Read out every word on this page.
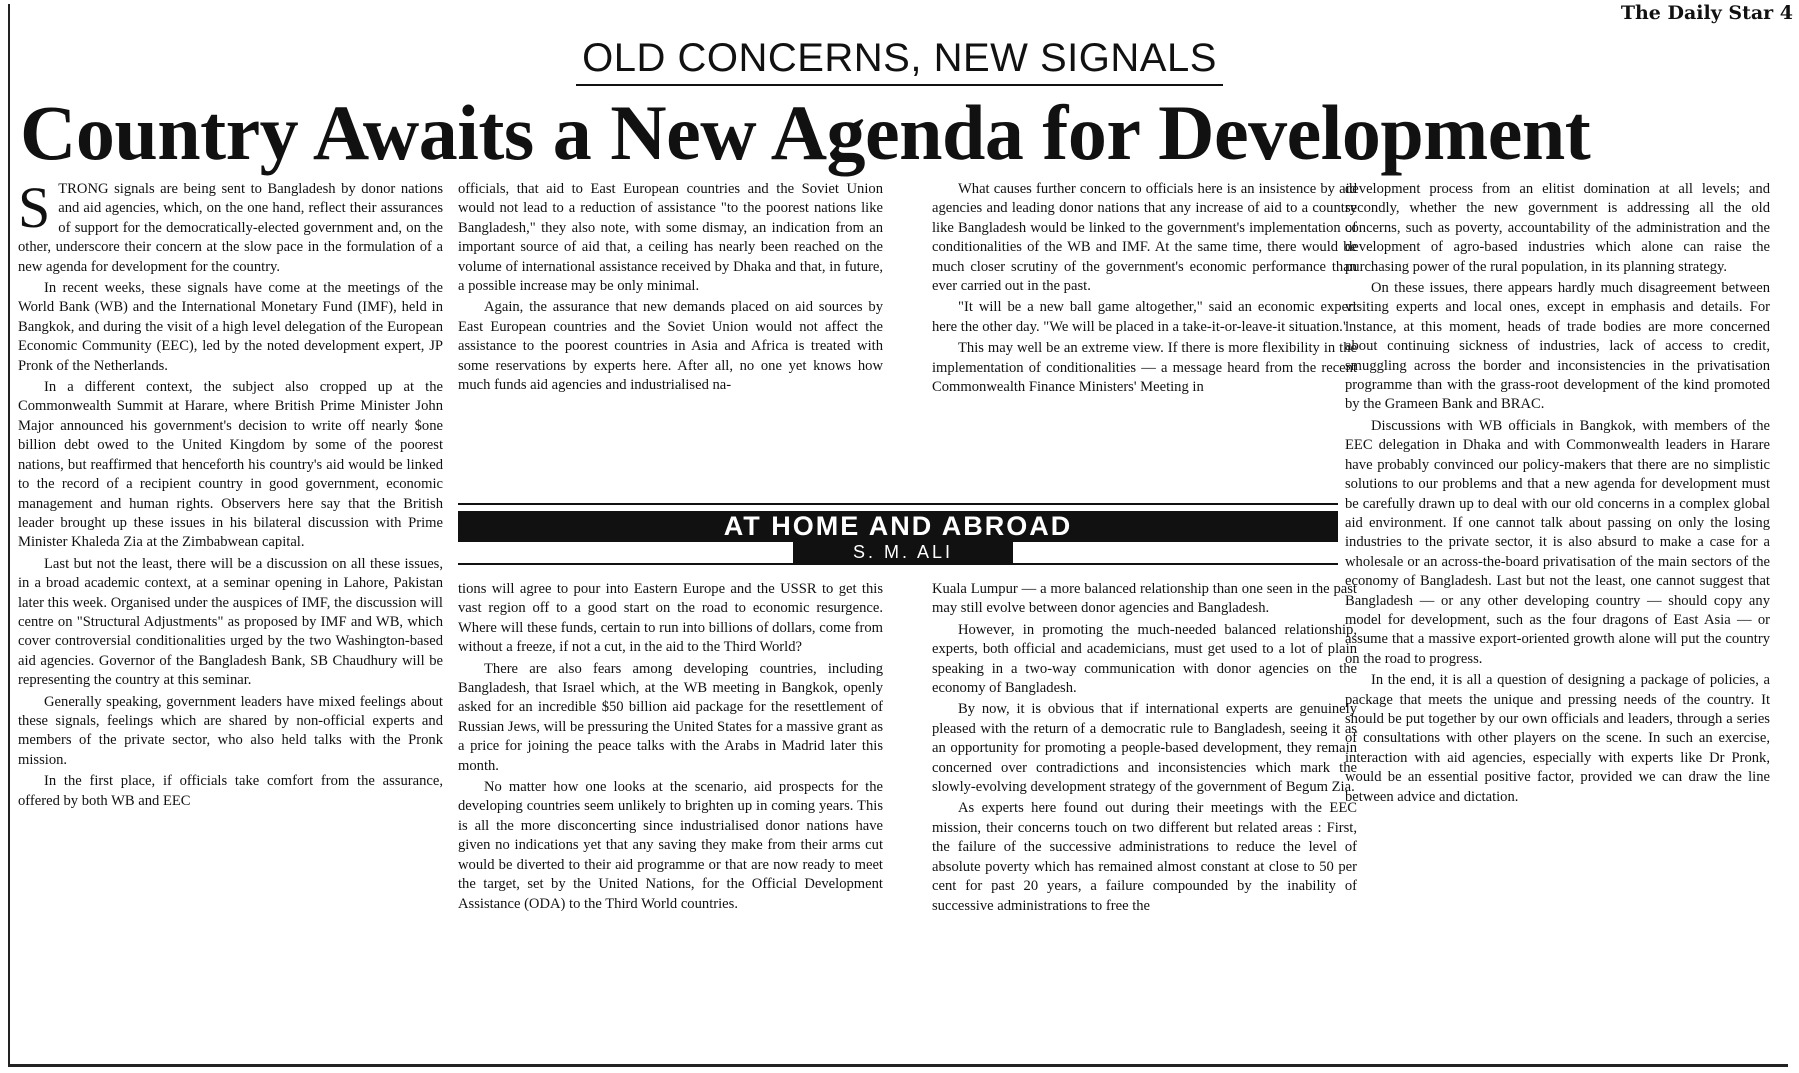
The Daily Star 4
OLD CONCERNS, NEW SIGNALS
Country Awaits a New Agenda for Development

STRONG signals are being sent to Bangladesh by donor nations and aid agencies, which, on the one hand, reflect their assurances of support for the democratically-elected government and, on the other, underscore their concern at the slow pace in the formulation of a new agenda for development for the country.

In recent weeks, these signals have come at the meetings of the World Bank (WB) and the International Monetary Fund (IMF), held in Bangkok, and during the visit of a high level delegation of the European Economic Community (EEC), led by the noted development expert, JP Pronk of the Netherlands.

In a different context, the subject also cropped up at the Commonwealth Summit at Harare, where British Prime Minister John Major announced his government's decision to write off nearly $one billion debt owed to the United Kingdom by some of the poorest nations, but reaffirmed that henceforth his country's aid would be linked to the record of a recipient country in good government, economic management and human rights. Observers here say that the British leader brought up these issues in his bilateral discussion with Prime Minister Khaleda Zia at the Zimbabwean capital.

Last but not the least, there will be a discussion on all these issues, in a broad academic context, at a seminar opening in Lahore, Pakistan later this week. Organised under the auspices of IMF, the discussion will centre on "Structural Adjustments" as proposed by IMF and WB, which cover controversial conditionalities urged by the two Washington-based aid agencies. Governor of the Bangladesh Bank, SB Chaudhury will be representing the country at this seminar.

Generally speaking, government leaders have mixed feelings about these signals, feelings which are shared by non-official experts and members of the private sector, who also held talks with the Pronk mission.

In the first place, if officials take comfort from the assurance, offered by both WB and EEC

officials, that aid to East European countries and the Soviet Union would not lead to a reduction of assistance "to the poorest nations like Bangladesh," they also note, with some dismay, an indication from an important source of aid that, a ceiling has nearly been reached on the volume of international assistance received by Dhaka and that, in future, a possible increase may be only minimal.

Again, the assurance that new demands placed on aid sources by East European countries and the Soviet Union would not affect the assistance to the poorest countries in Asia and Africa is treated with some reservations by experts here. After all, no one yet knows how much funds aid agencies and industrialised na-

What causes further concern to officials here is an insistence by aid agencies and leading donor nations that any increase of aid to a country like Bangladesh would be linked to the government's implementation of conditionalities of the WB and IMF. At the same time, there would be much closer scrutiny of the government's economic performance than ever carried out in the past.

"It will be a new ball game altogether," said an economic expert here the other day. "We will be placed in a take-it-or-leave-it situation."

This may well be an extreme view. If there is more flexibility in the implementation of conditionalities — a message heard from the recent Commonwealth Finance Ministers' Meeting in

AT HOME AND ABROAD
S. M. ALI

tions will agree to pour into Eastern Europe and the USSR to get this vast region off to a good start on the road to economic resurgence. Where will these funds, certain to run into billions of dollars, come from without a freeze, if not a cut, in the aid to the Third World?

There are also fears among developing countries, including Bangladesh, that Israel which, at the WB meeting in Bangkok, openly asked for an incredible $50 billion aid package for the resettlement of Russian Jews, will be pressuring the United States for a massive grant as a price for joining the peace talks with the Arabs in Madrid later this month.

No matter how one looks at the scenario, aid prospects for the developing countries seem unlikely to brighten up in coming years. This is all the more disconcerting since industrialised donor nations have given no indications yet that any saving they make from their arms cut would be diverted to their aid programme or that are now ready to meet the target, set by the United Nations, for the Official Development Assistance (ODA) to the Third World countries.

Kuala Lumpur — a more balanced relationship than one seen in the past may still evolve between donor agencies and Bangladesh.

However, in promoting the much-needed balanced relationship, experts, both official and academicians, must get used to a lot of plain speaking in a two-way communication with donor agencies on the economy of Bangladesh.

By now, it is obvious that if international experts are genuinely pleased with the return of a democratic rule to Bangladesh, seeing it as an opportunity for promoting a people-based development, they remain concerned over contradictions and inconsistencies which mark the slowly-evolving development strategy of the government of Begum Zia.

As experts here found out during their meetings with the EEC mission, their concerns touch on two different but related areas : First, the failure of the successive administrations to reduce the level of absolute poverty which has remained almost constant at close to 50 per cent for past 20 years, a failure compounded by the inability of successive administrations to free the

development process from an elitist domination at all levels; and secondly, whether the new government is addressing all the old concerns, such as poverty, accountability of the administration and the development of agro-based industries which alone can raise the purchasing power of the rural population, in its planning strategy.

On these issues, there appears hardly much disagreement between visiting experts and local ones, except in emphasis and details. For instance, at this moment, heads of trade bodies are more concerned about continuing sickness of industries, lack of access to credit, smuggling across the border and inconsistencies in the privatisation programme than with the grass-root development of the kind promoted by the Grameen Bank and BRAC.

Discussions with WB officials in Bangkok, with members of the EEC delegation in Dhaka and with Commonwealth leaders in Harare have probably convinced our policy-makers that there are no simplistic solutions to our problems and that a new agenda for development must be carefully drawn up to deal with our old concerns in a complex global aid environment. If one cannot talk about passing on only the losing industries to the private sector, it is also absurd to make a case for a wholesale or an across-the-board privatisation of the main sectors of the economy of Bangladesh. Last but not the least, one cannot suggest that Bangladesh — or any other developing country — should copy any model for development, such as the four dragons of East Asia — or assume that a massive export-oriented growth alone will put the country on the road to progress.

In the end, it is all a question of designing a package of policies, a package that meets the unique and pressing needs of the country. It should be put together by our own officials and leaders, through a series of consultations with other players on the scene. In such an exercise, interaction with aid agencies, especially with experts like Dr Pronk, would be an essential positive factor, provided we can draw the line between advice and dictation.
